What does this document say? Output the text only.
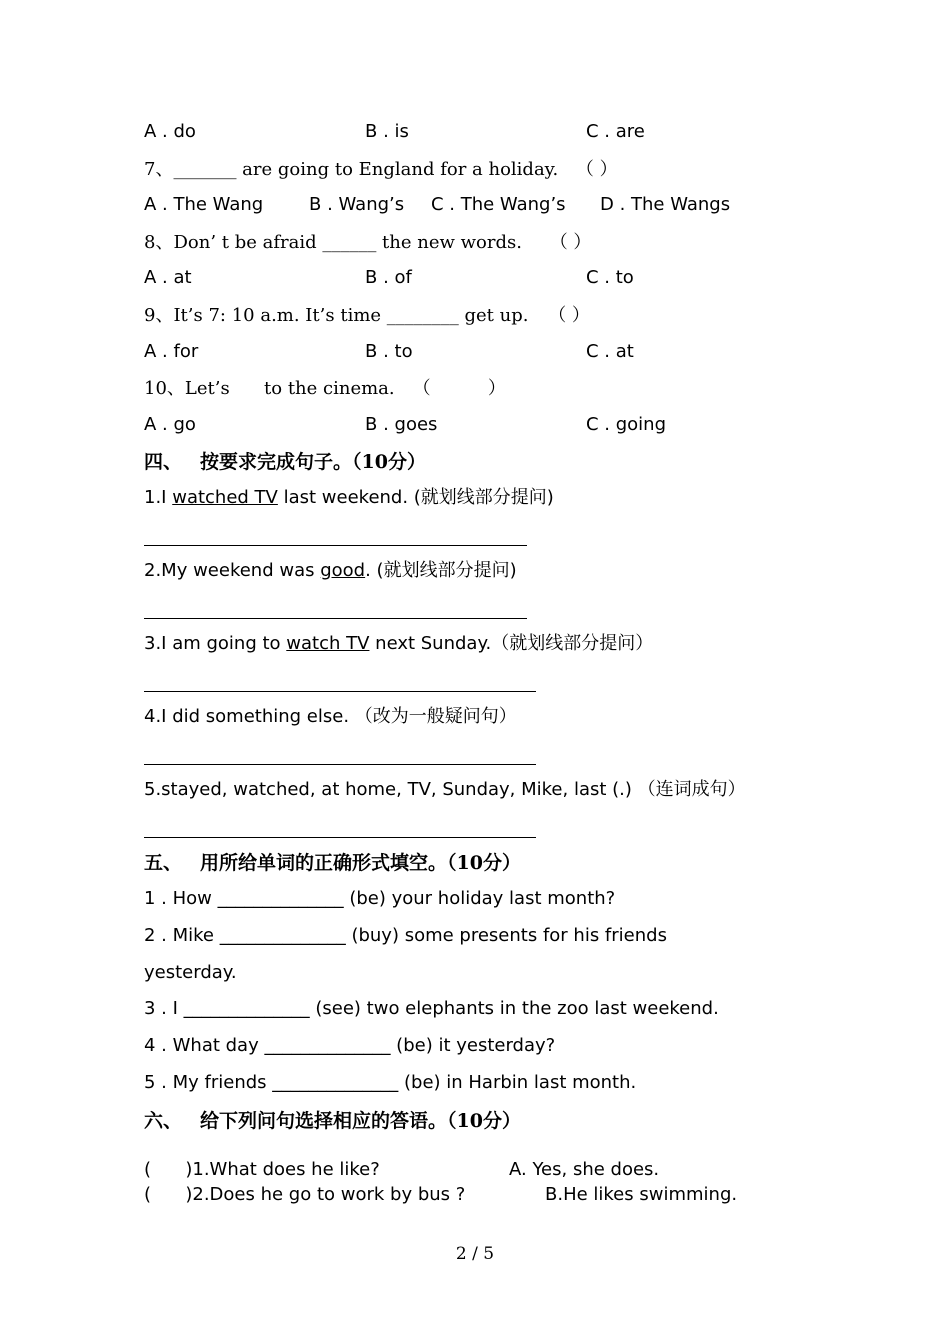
A . do	B . is	C . are
7、_______ are going to England for a holiday. （ ）
A . The Wang	B . Wang’s C . The Wang’s D . The Wangs
8、Don’ t be afraid ______ the new words. （ ）
A . at	B . of	C . to
9、It’s 7: 10 a.m. It’s time ________ get up. （ ）
A . for	B . to	C . at
10、Let’s      to the cinema. （          ）
A . go	B . goes	C . going
四、 按要求完成句子。（10分）
1.I watched TV last weekend. (就划线部分提问)
2.My weekend was good. (就划线部分提问)
3.I am going to watch TV next Sunday.（就划线部分提问）
4.I did something else. （改为一般疑问句）
5.stayed, watched, at home, TV, Sunday, Mike, last (.) （连词成句）
五、 用所给单词的正确形式填空。（10分）
1 . How ______________ (be) your holiday last month?
2 . Mike ______________ (buy) some presents for his friends
yesterday.
3 . I ______________ (see) two elephants in the zoo last weekend.
4 . What day ______________ (be) it yesterday?
5 . My friends ______________ (be) in Harbin last month.
六、 给下列问句选择相应的答语。（10分）
(      )1.What does he like?	A. Yes, she does.
(      )2.Does he go to work by bus ?	B.He likes swimming.
2 / 5
